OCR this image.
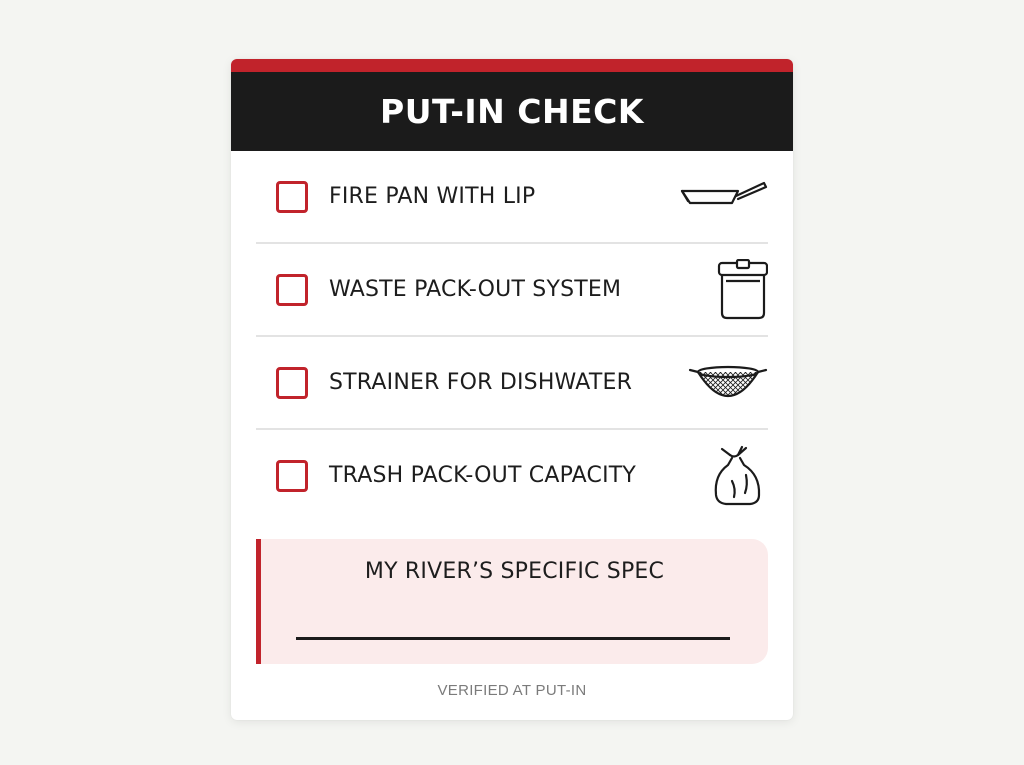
PUT-IN CHECK
FIRE PAN WITH LIP
WASTE PACK-OUT SYSTEM
STRAINER FOR DISHWATER
TRASH PACK-OUT CAPACITY
MY RIVER’S SPECIFIC SPEC
VERIFIED AT PUT-IN
